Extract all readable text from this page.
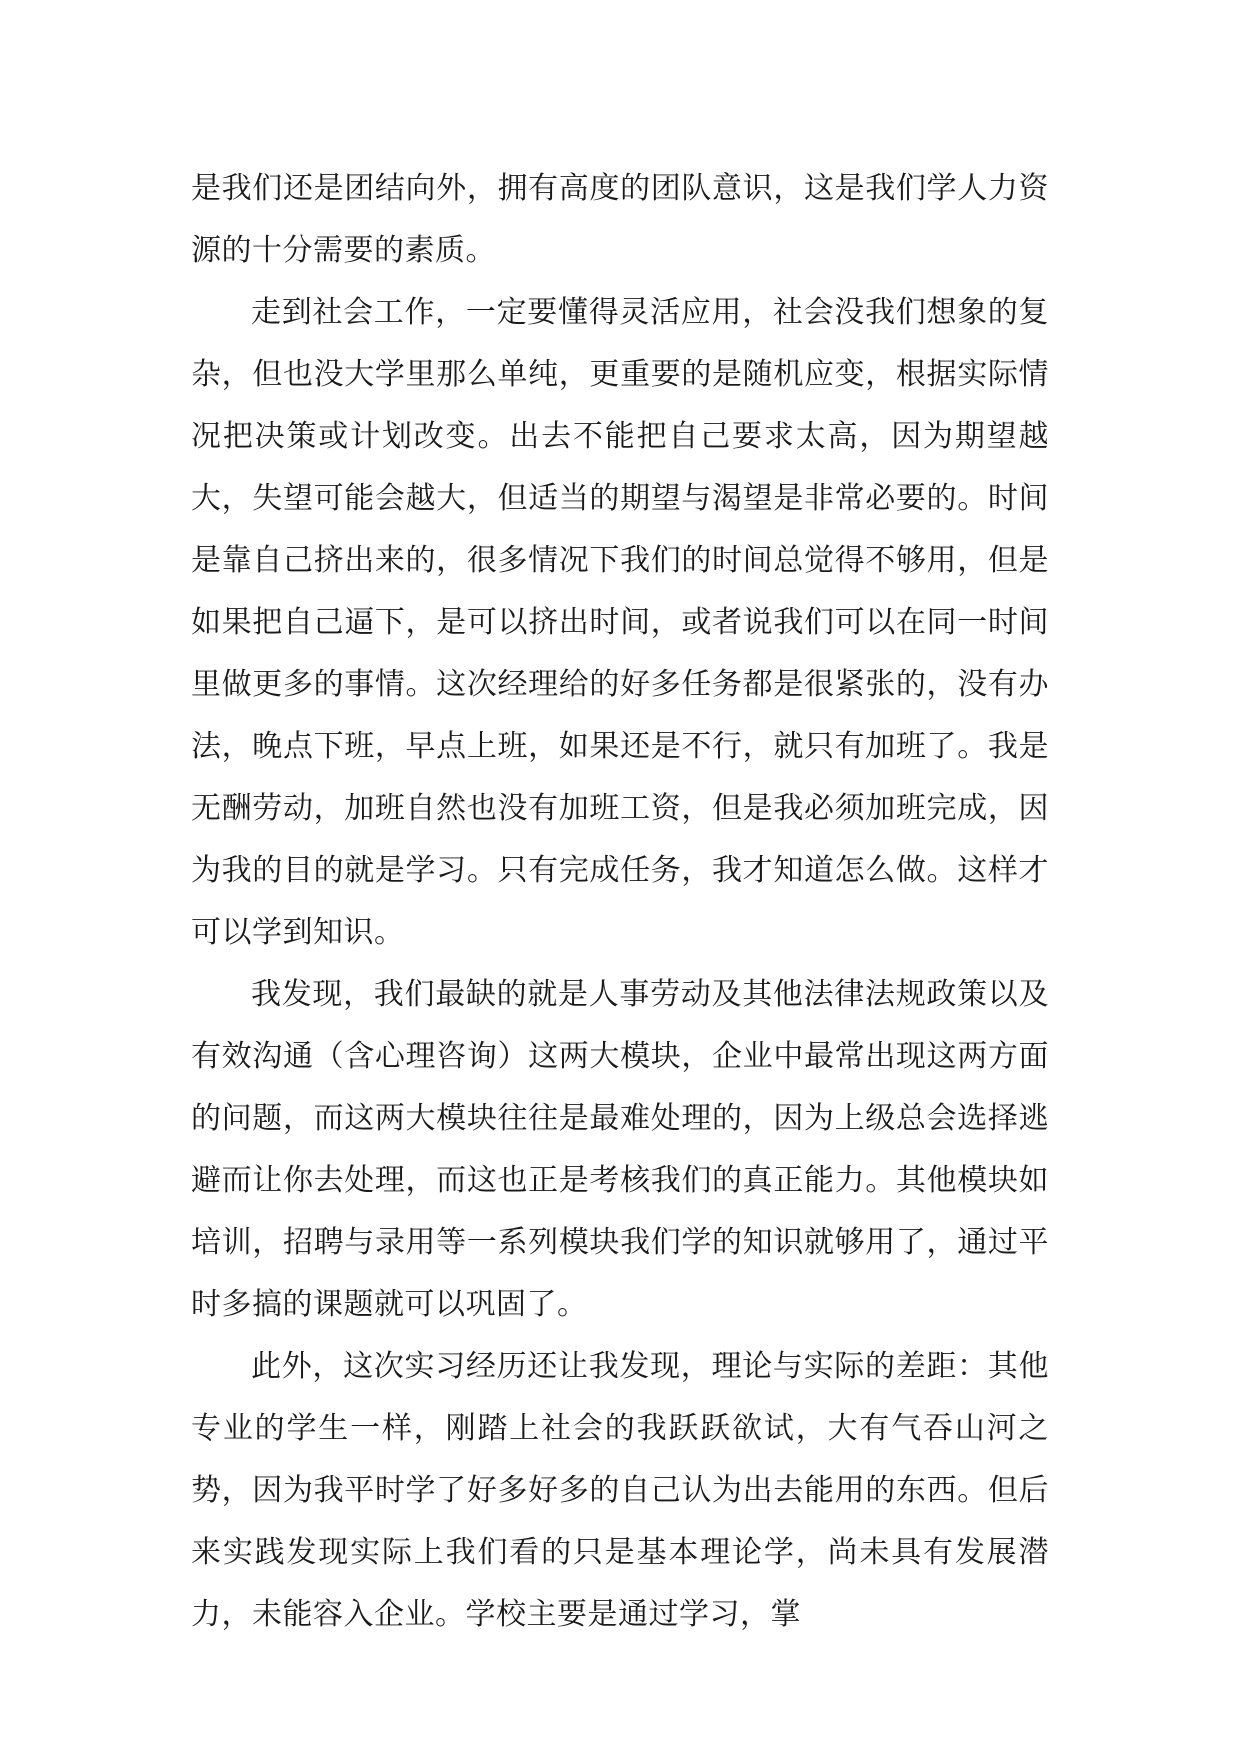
是我们还是团结向外，拥有高度的团队意识，这是我们学人力资源的十分需要的素质。

走到社会工作，一定要懂得灵活应用，社会没我们想象的复杂，但也没大学里那么单纯，更重要的是随机应变，根据实际情况把决策或计划改变。出去不能把自己要求太高，因为期望越大，失望可能会越大，但适当的期望与渴望是非常必要的。时间是靠自己挤出来的，很多情况下我们的时间总觉得不够用，但是如果把自己逼下，是可以挤出时间，或者说我们可以在同一时间里做更多的事情。这次经理给的好多任务都是很紧张的，没有办法，晚点下班，早点上班，如果还是不行，就只有加班了。我是无酬劳动，加班自然也没有加班工资，但是我必须加班完成，因为我的目的就是学习。只有完成任务，我才知道怎么做。这样才可以学到知识。

我发现，我们最缺的就是人事劳动及其他法律法规政策以及有效沟通（含心理咨询）这两大模块，企业中最常出现这两方面的问题，而这两大模块往往是最难处理的，因为上级总会选择逃避而让你去处理，而这也正是考核我们的真正能力。其他模块如培训，招聘与录用等一系列模块我们学的知识就够用了，通过平时多搞的课题就可以巩固了。

此外，这次实习经历还让我发现，理论与实际的差距：其他专业的学生一样，刚踏上社会的我跃跃欲试，大有气吞山河之势，因为我平时学了好多好多的自己认为出去能用的东西。但后来实践发现实际上我们看的只是基本理论学，尚未具有发展潜力，未能容入企业。学校主要是通过学习，掌
